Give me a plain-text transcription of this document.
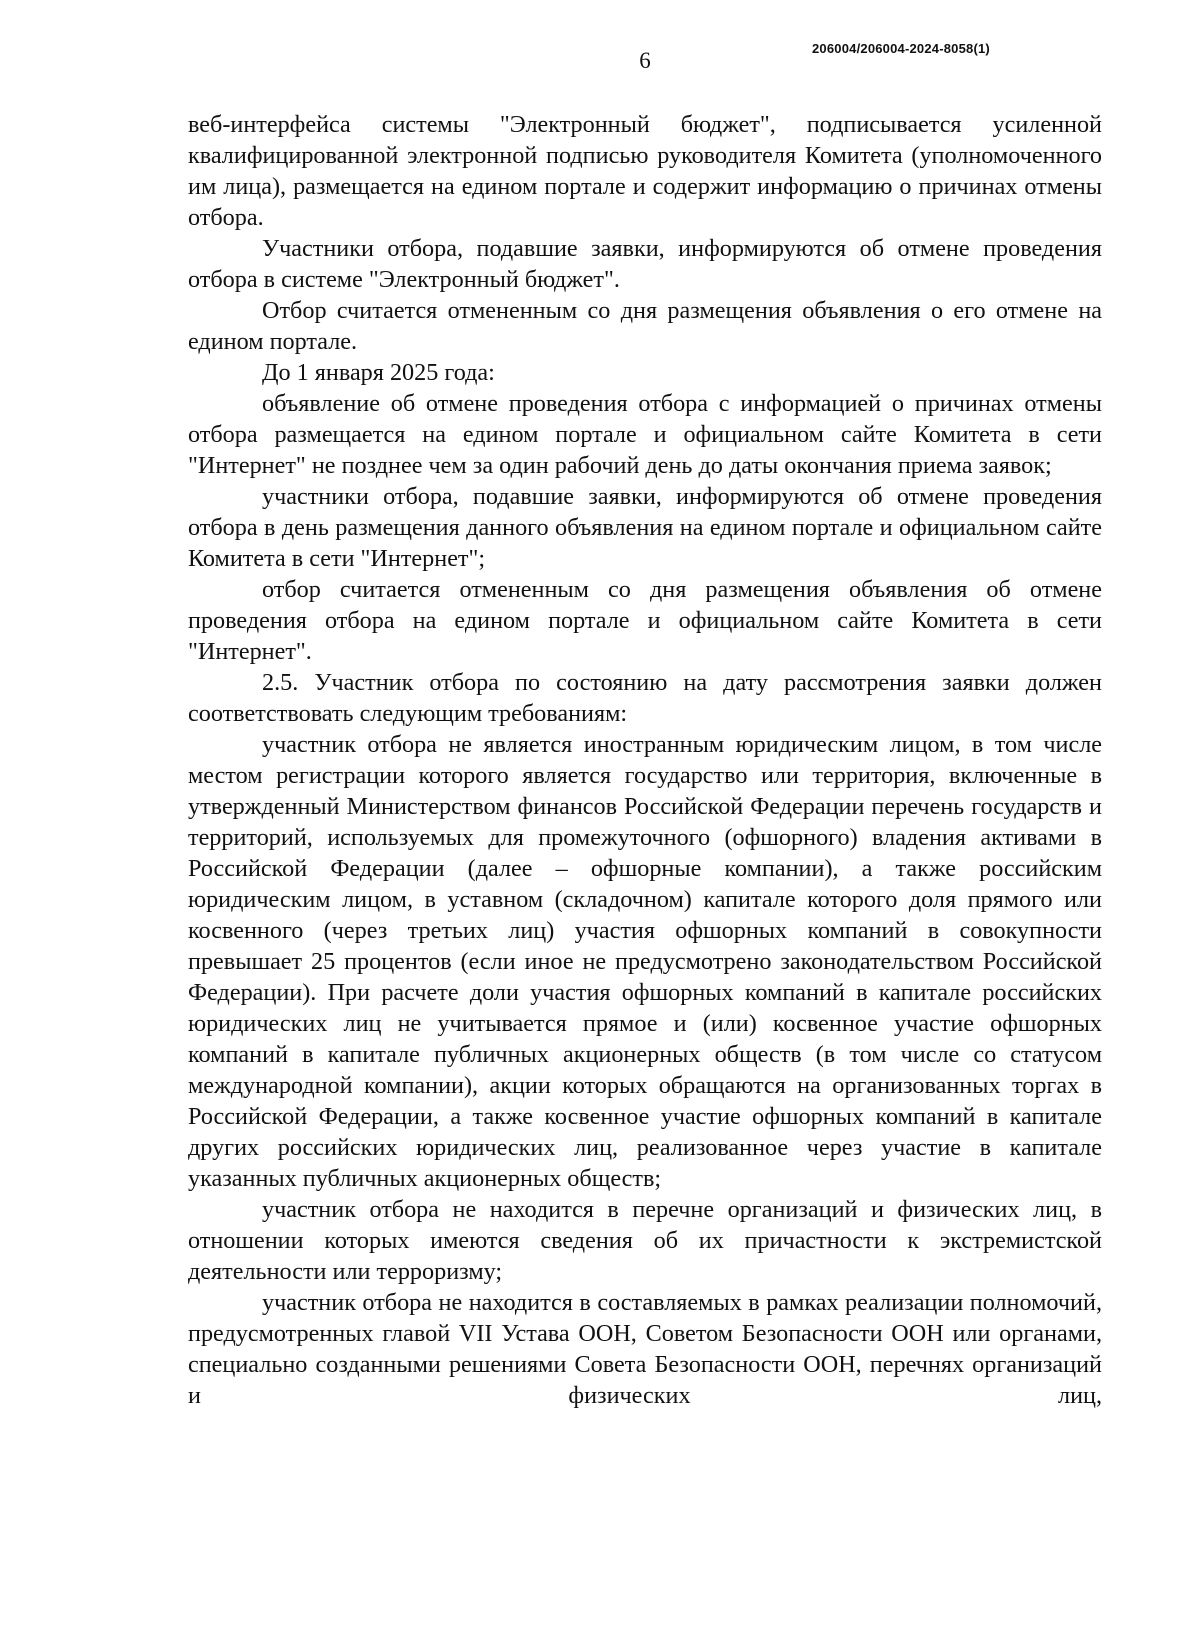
206004/206004-2024-8058(1)
6

веб-интерфейса системы "Электронный бюджет", подписывается усиленной квалифицированной электронной подписью руководителя Комитета (уполномоченного им лица), размещается на едином портале и содержит информацию о причинах отмены отбора.

Участники отбора, подавшие заявки, информируются об отмене проведения отбора в системе "Электронный бюджет".

Отбор считается отмененным со дня размещения объявления о его отмене на едином портале.

До 1 января 2025 года:

объявление об отмене проведения отбора с информацией о причинах отмены отбора размещается на едином портале и официальном сайте Комитета в сети "Интернет" не позднее чем за один рабочий день до даты окончания приема заявок;

участники отбора, подавшие заявки, информируются об отмене проведения отбора в день размещения данного объявления на едином портале и официальном сайте Комитета в сети "Интернет";

отбор считается отмененным со дня размещения объявления об отмене проведения отбора на едином портале и официальном сайте Комитета в сети "Интернет".

2.5. Участник отбора по состоянию на дату рассмотрения заявки должен соответствовать следующим требованиям:

участник отбора не является иностранным юридическим лицом, в том числе местом регистрации которого является государство или территория, включенные в утвержденный Министерством финансов Российской Федерации перечень государств и территорий, используемых для промежуточного (офшорного) владения активами в Российской Федерации (далее – офшорные компании), а также российским юридическим лицом, в уставном (складочном) капитале которого доля прямого или косвенного (через третьих лиц) участия офшорных компаний в совокупности превышает 25 процентов (если иное не предусмотрено законодательством Российской Федерации). При расчете доли участия офшорных компаний в капитале российских юридических лиц не учитывается прямое и (или) косвенное участие офшорных компаний в капитале публичных акционерных обществ (в том числе со статусом международной компании), акции которых обращаются на организованных торгах в Российской Федерации, а также косвенное участие офшорных компаний в капитале других российских юридических лиц, реализованное через участие в капитале указанных публичных акционерных обществ;

участник отбора не находится в перечне организаций и физических лиц, в отношении которых имеются сведения об их причастности к экстремистской деятельности или терроризму;

участник отбора не находится в составляемых в рамках реализации полномочий, предусмотренных главой VII Устава ООН, Советом Безопасности ООН или органами, специально созданными решениями Совета Безопасности ООН, перечнях организаций и физических лиц,
